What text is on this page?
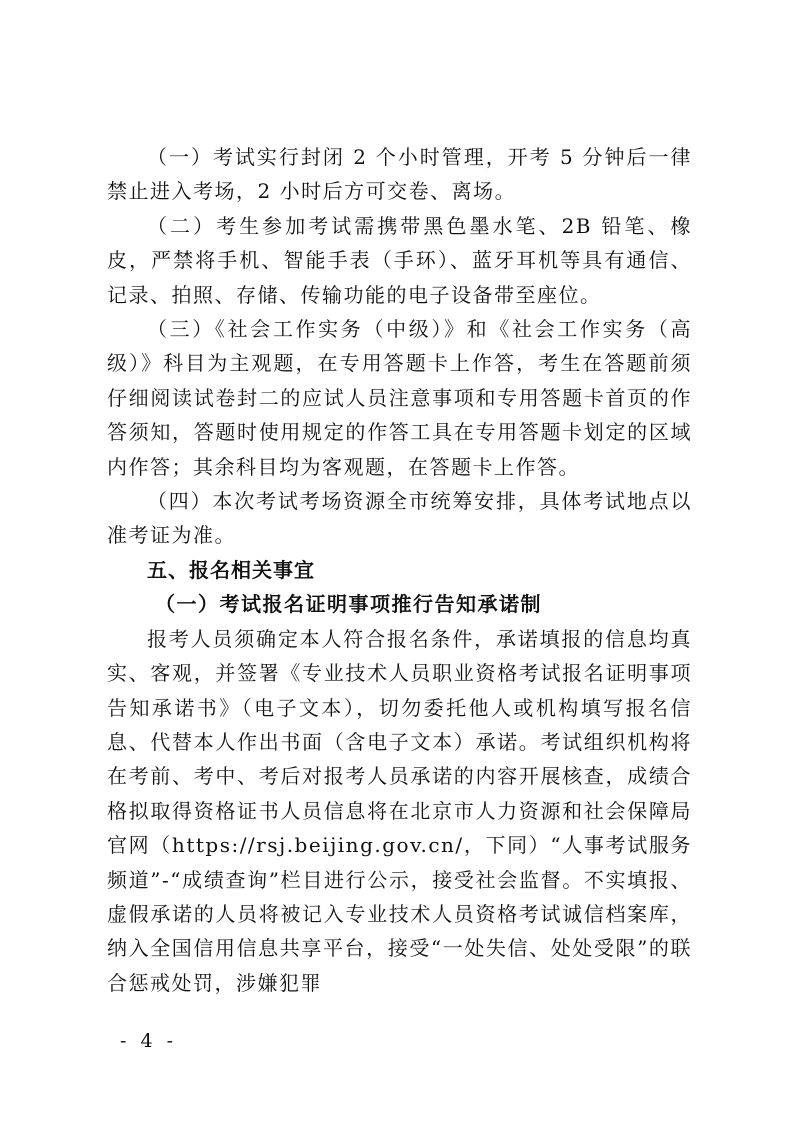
（一）考试实行封闭 2 个小时管理，开考 5 分钟后一律禁止进入考场，2 小时后方可交卷、离场。

（二）考生参加考试需携带黑色墨水笔、2B 铅笔、橡皮，严禁将手机、智能手表（手环）、蓝牙耳机等具有通信、记录、拍照、存储、传输功能的电子设备带至座位。

（三）《社会工作实务（中级）》和《社会工作实务（高级）》科目为主观题，在专用答题卡上作答，考生在答题前须仔细阅读试卷封二的应试人员注意事项和专用答题卡首页的作答须知，答题时使用规定的作答工具在专用答题卡划定的区域内作答；其余科目均为客观题，在答题卡上作答。

（四）本次考试考场资源全市统筹安排，具体考试地点以准考证为准。

五、报名相关事宜

（一）考试报名证明事项推行告知承诺制

报考人员须确定本人符合报名条件，承诺填报的信息均真实、客观，并签署《专业技术人员职业资格考试报名证明事项告知承诺书》（电子文本），切勿委托他人或机构填写报名信息、代替本人作出书面（含电子文本）承诺。考试组织机构将在考前、考中、考后对报考人员承诺的内容开展核查，成绩合格拟取得资格证书人员信息将在北京市人力资源和社会保障局官网（https://rsj.beijing.gov.cn/，下同）“人事考试服务频道”-“成绩查询”栏目进行公示，接受社会监督。不实填报、虚假承诺的人员将被记入专业技术人员资格考试诚信档案库，纳入全国信用信息共享平台，接受“一处失信、处处受限”的联合惩戒处罚，涉嫌犯罪

- 4 -
